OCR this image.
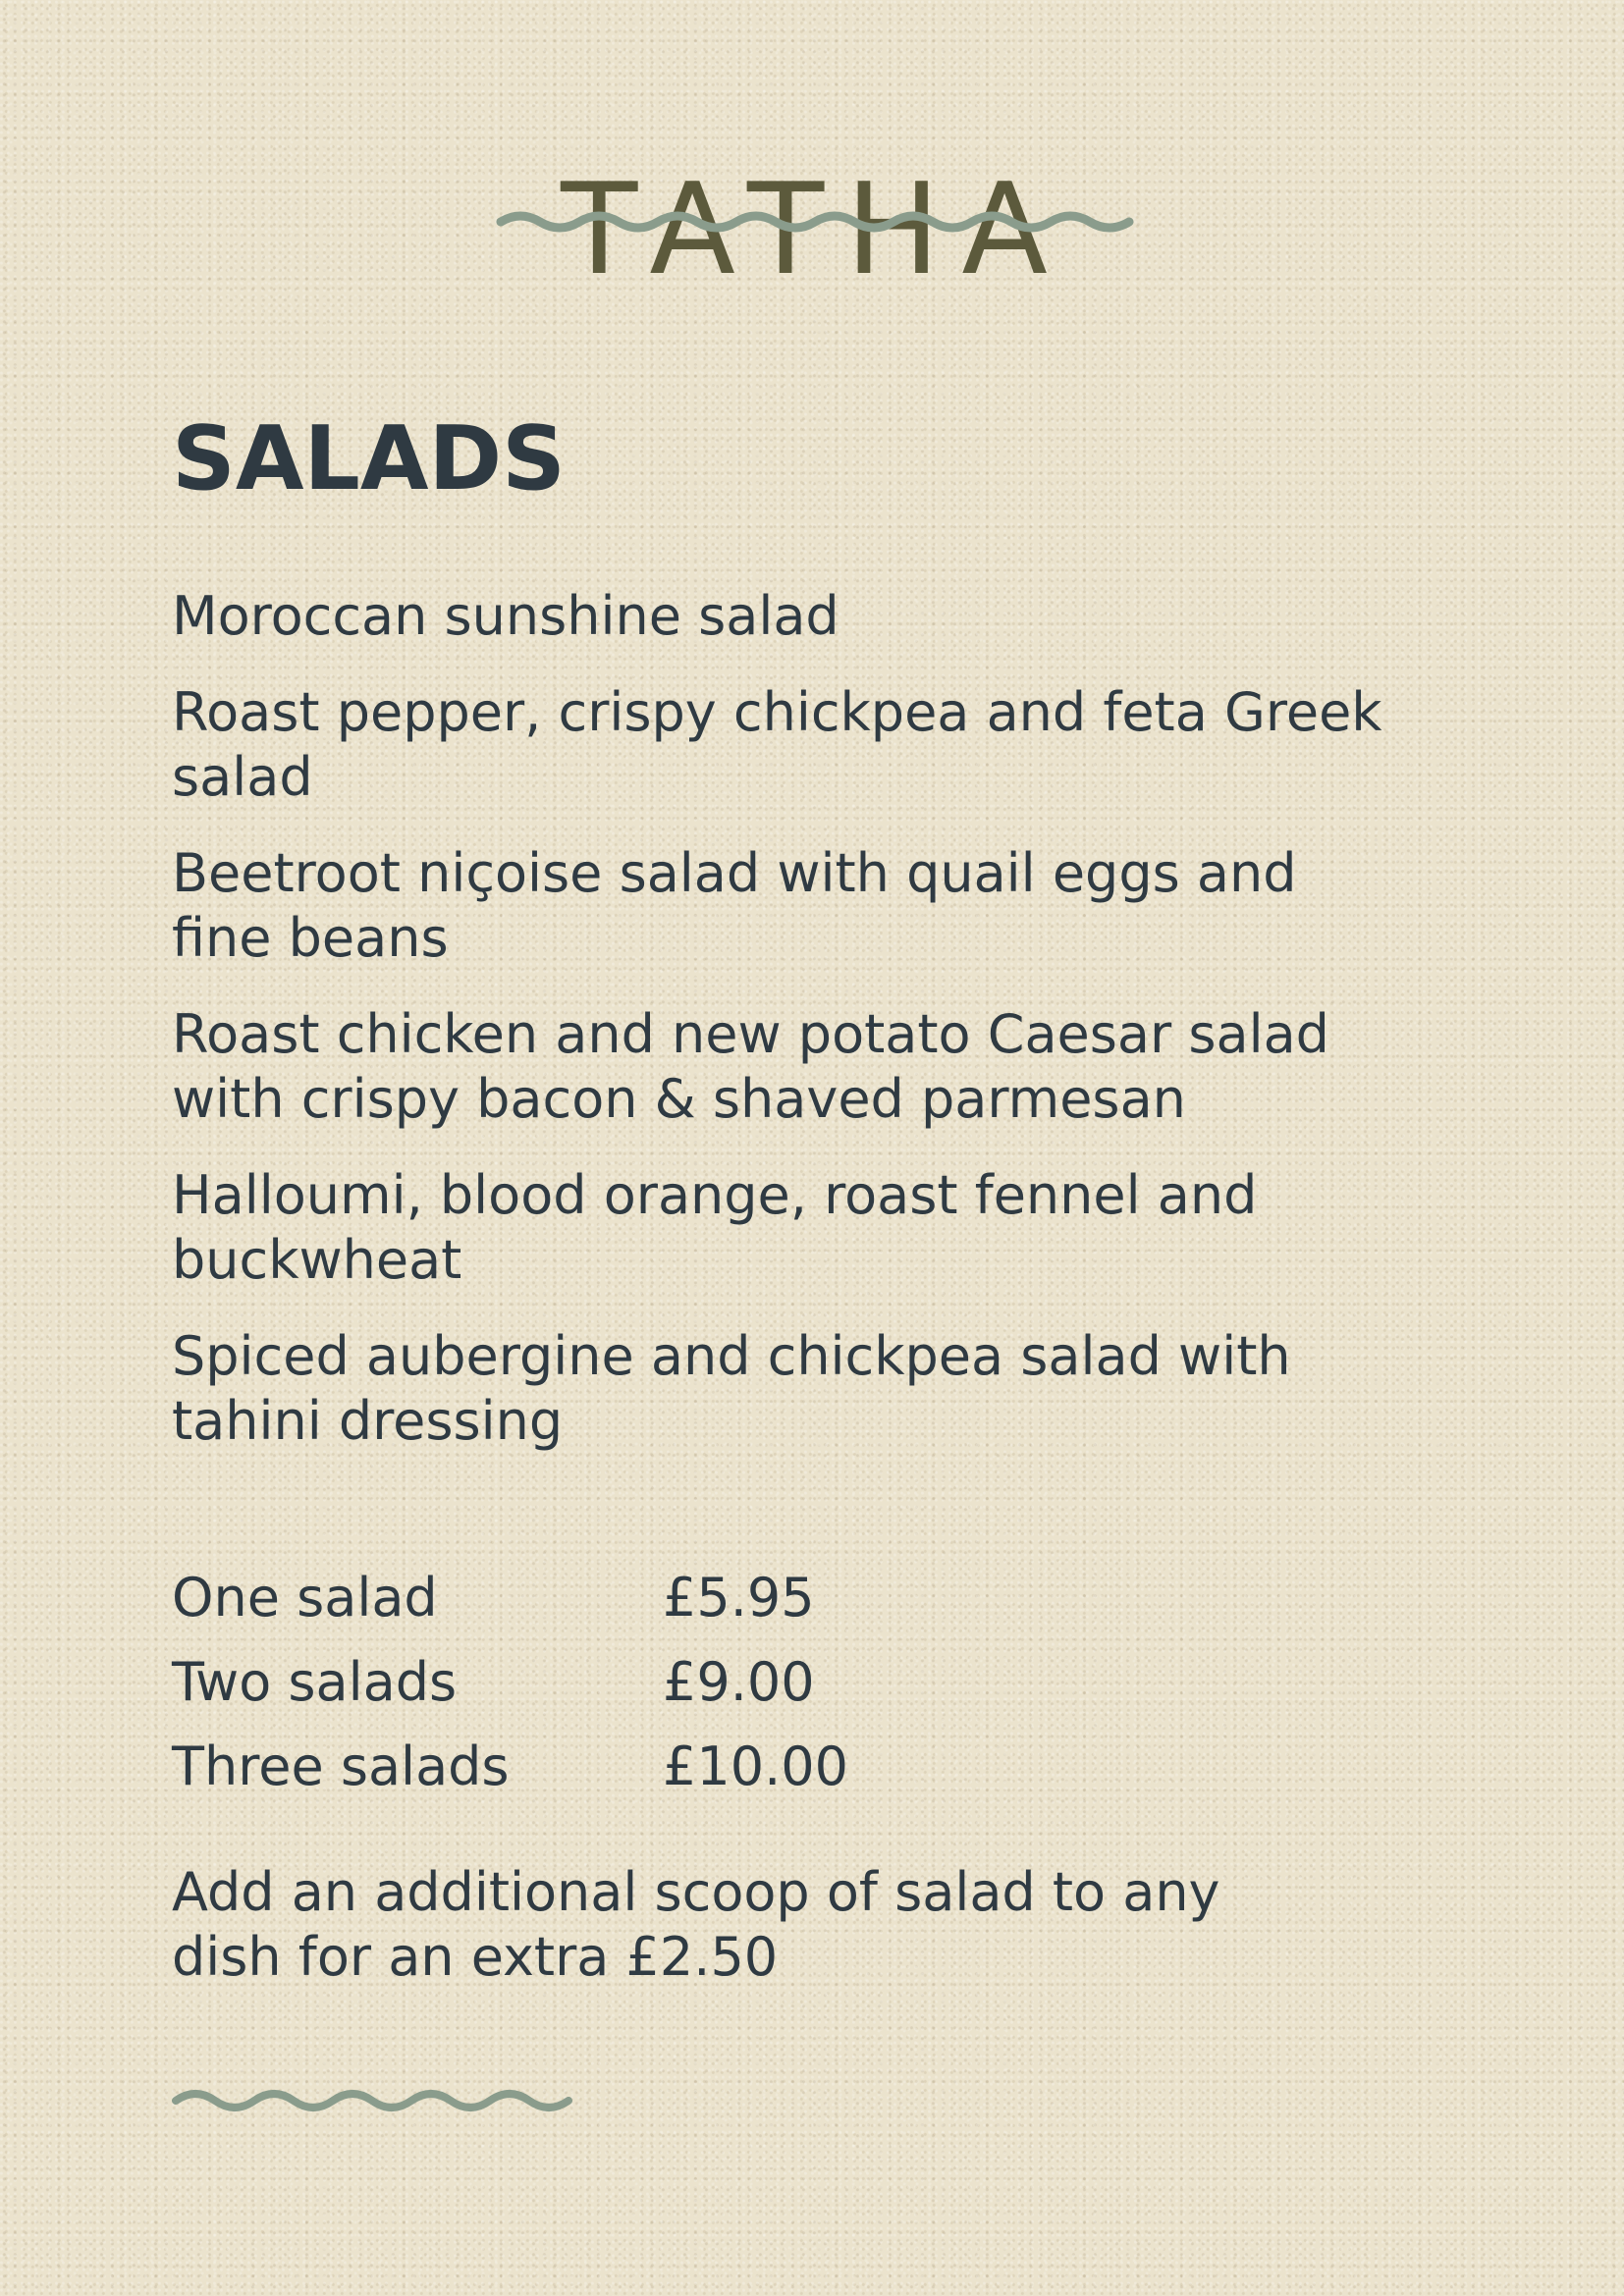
TATHA
SALADS
Moroccan sunshine salad
Roast pepper, crispy chickpea and feta Greek salad
Beetroot niçoise salad with quail eggs and fine beans
Roast chicken and new potato Caesar salad with crispy bacon & shaved parmesan
Halloumi, blood orange, roast fennel and buckwheat
Spiced aubergine and chickpea salad with tahini dressing
One salad	£5.95
Two salads	£9.00
Three salads	£10.00

Add an additional scoop of salad to any dish for an extra £2.50
